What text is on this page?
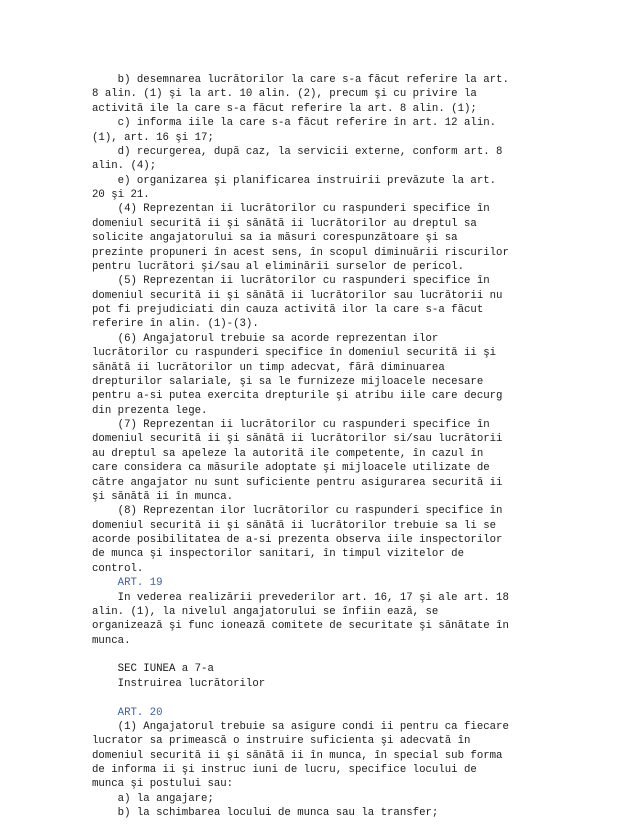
b) desemnarea lucrătorilor la care s-a făcut referire la art.
8 alin. (1) şi la art. 10 alin. (2), precum şi cu privire la
activită ile la care s-a făcut referire la art. 8 alin. (1);
c) informa iile la care s-a făcut referire în art. 12 alin.
(1), art. 16 şi 17;
d) recurgerea, după caz, la servicii externe, conform art. 8
alin. (4);
e) organizarea şi planificarea instruirii prevăzute la art.
20 şi 21.
(4) Reprezentan ii lucrătorilor cu raspunderi specifice în
domeniul securită ii şi sănătă ii lucrătorilor au dreptul sa
solicite angajatorului sa ia măsuri corespunzătoare şi sa
prezinte propuneri în acest sens, în scopul diminuării riscurilor
pentru lucrători şi/sau al eliminării surselor de pericol.
(5) Reprezentan ii lucrătorilor cu raspunderi specifice în
domeniul securită ii şi sănătă ii lucrătorilor sau lucrătorii nu
pot fi prejudiciati din cauza activită ilor la care s-a făcut
referire în alin. (1)-(3).
(6) Angajatorul trebuie sa acorde reprezentan ilor
lucrătorilor cu raspunderi specifice în domeniul securită ii şi
sănătă ii lucrătorilor un timp adecvat, fără diminuarea
drepturilor salariale, şi sa le furnizeze mijloacele necesare
pentru a-si putea exercita drepturile şi atribu iile care decurg
din prezenta lege.
(7) Reprezentan ii lucrătorilor cu raspunderi specifice în
domeniul securită ii şi sănătă ii lucrătorilor si/sau lucrătorii
au dreptul sa apeleze la autorită ile competente, în cazul în
care considera ca măsurile adoptate şi mijloacele utilizate de
către angajator nu sunt suficiente pentru asigurarea securită ii
şi sănătă ii în munca.
(8) Reprezentan ilor lucrătorilor cu raspunderi specifice în
domeniul securită ii şi sănătă ii lucrătorilor trebuie sa li se
acorde posibilitatea de a-si prezenta observa iile inspectorilor
de munca şi inspectorilor sanitari, în timpul vizitelor de
control.
ART. 19
In vederea realizării prevederilor art. 16, 17 şi ale art. 18
alin. (1), la nivelul angajatorului se înfiin ează, se
organizează şi func ionează comitete de securitate şi sănătate în
munca.
SEC IUNEA a 7-a
Instruirea lucrătorilor
ART. 20
(1) Angajatorul trebuie sa asigure condi ii pentru ca fiecare
lucrator sa primească o instruire suficienta şi adecvată în
domeniul securită ii şi sănătă ii în munca, în special sub forma
de informa ii şi instruc iuni de lucru, specifice locului de
munca şi postului sau:
a) la angajare;
b) la schimbarea locului de munca sau la transfer;
